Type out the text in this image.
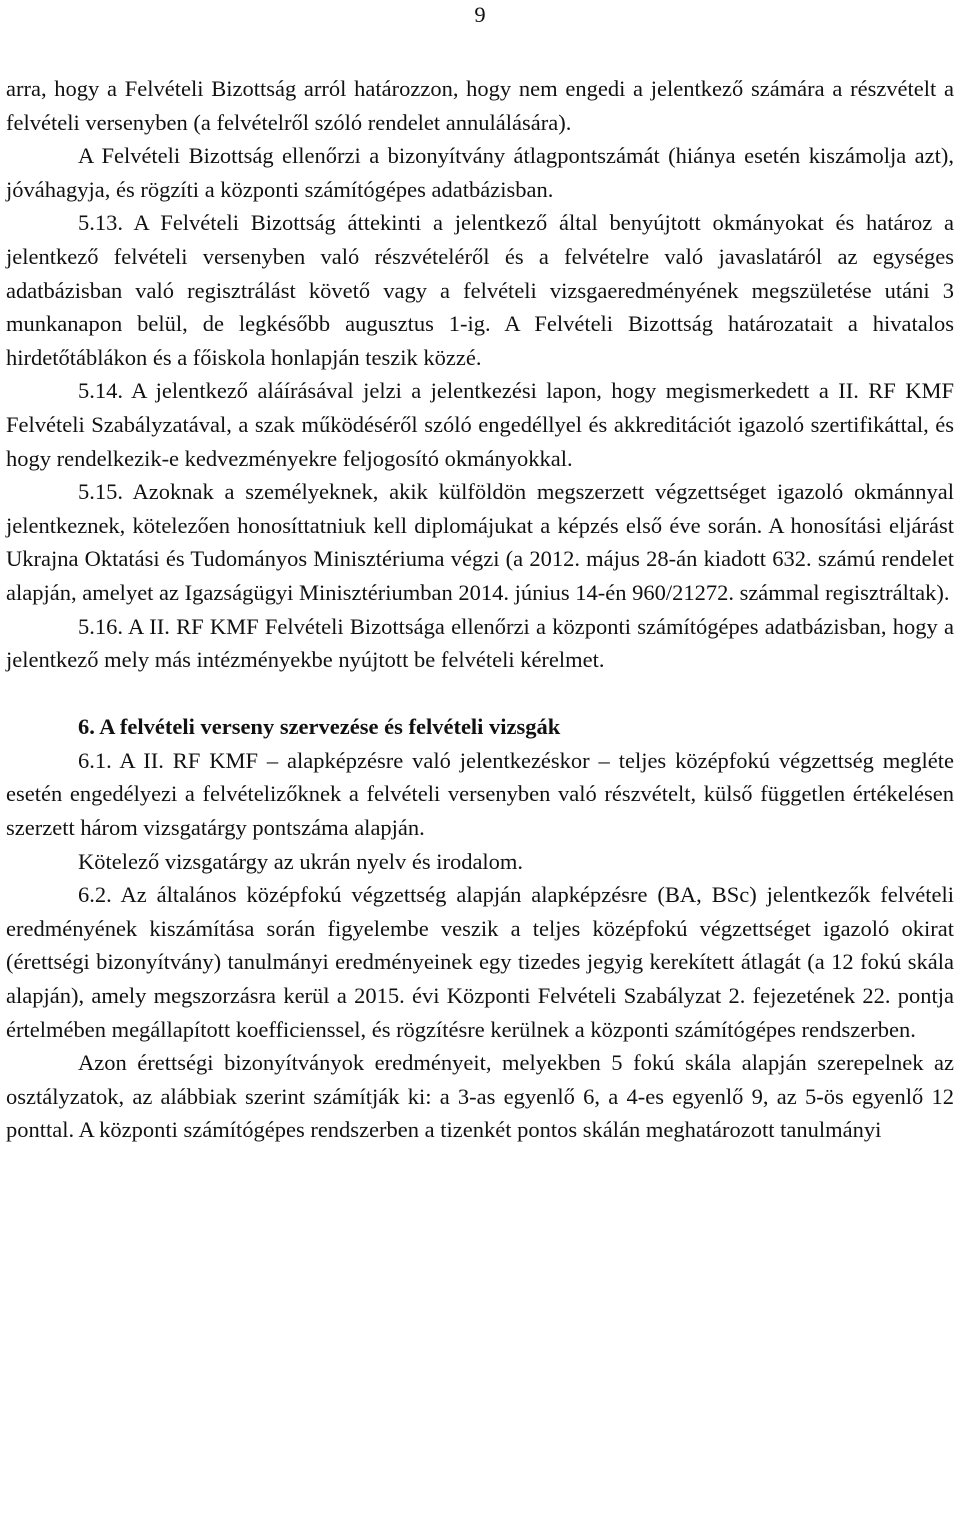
9

arra, hogy a Felvételi Bizottság arról határozzon, hogy nem engedi a jelentkező számára a részvételt a felvételi versenyben (a felvételről szóló rendelet annulálására).

A Felvételi Bizottság ellenőrzi a bizonyítvány átlagpontszámát (hiánya esetén kiszámolja azt), jóváhagyja, és rögzíti a központi számítógépes adatbázisban.

5.13. A Felvételi Bizottság áttekinti a jelentkező által benyújtott okmányokat és határoz a jelentkező felvételi versenyben való részvételéről és a felvételre való javaslatáról az egységes adatbázisban való regisztrálást követő vagy a felvételi vizsgaeredményének megszületése utáni 3 munkanapon belül, de legkésőbb augusztus 1-ig. A Felvételi Bizottság határozatait a hivatalos hirdetőtáblákon és a főiskola honlapján teszik közzé.

5.14. A jelentkező aláírásával jelzi a jelentkezési lapon, hogy megismerkedett a II. RF KMF Felvételi Szabályzatával, a szak működéséről szóló engedéllyel és akkreditációt igazoló szertifikáttal, és hogy rendelkezik-e kedvezményekre feljogosító okmányokkal.

5.15. Azoknak a személyeknek, akik külföldön megszerzett végzettséget igazoló okmánnyal jelentkeznek, kötelezően honosíttatniuk kell diplomájukat a képzés első éve során. A honosítási eljárást Ukrajna Oktatási és Tudományos Minisztériuma végzi (a 2012. május 28-án kiadott 632. számú rendelet alapján, amelyet az Igazságügyi Minisztériumban 2014. június 14-én 960/21272. számmal regisztráltak).

5.16. A II. RF KMF Felvételi Bizottsága ellenőrzi a központi számítógépes adatbázisban, hogy a jelentkező mely más intézményekbe nyújtott be felvételi kérelmet.

6. A felvételi verseny szervezése és felvételi vizsgák

6.1. A II. RF KMF – alapképzésre való jelentkezéskor – teljes középfokú végzettség megléte esetén engedélyezi a felvételizőknek a felvételi versenyben való részvételt, külső független értékelésen szerzett három vizsgatárgy pontszáma alapján.

Kötelező vizsgatárgy az ukrán nyelv és irodalom.

6.2. Az általános középfokú végzettség alapján alapképzésre (BA, BSc) jelentkezők felvételi eredményének kiszámítása során figyelembe veszik a teljes középfokú végzettséget igazoló okirat (érettségi bizonyítvány) tanulmányi eredményeinek egy tizedes jegyig kerekített átlagát (a 12 fokú skála alapján), amely megszorzásra kerül a 2015. évi Központi Felvételi Szabályzat 2. fejezetének 22. pontja értelmében megállapított koefficienssel, és rögzítésre kerülnek a központi számítógépes rendszerben.

Azon érettségi bizonyítványok eredményeit, melyekben 5 fokú skála alapján szerepelnek az osztályzatok, az alábbiak szerint számítják ki: a 3-as egyenlő 6, a 4-es egyenlő 9, az 5-ös egyenlő 12 ponttal. A központi számítógépes rendszerben a tizenkét pontos skálán meghatározott tanulmányi
